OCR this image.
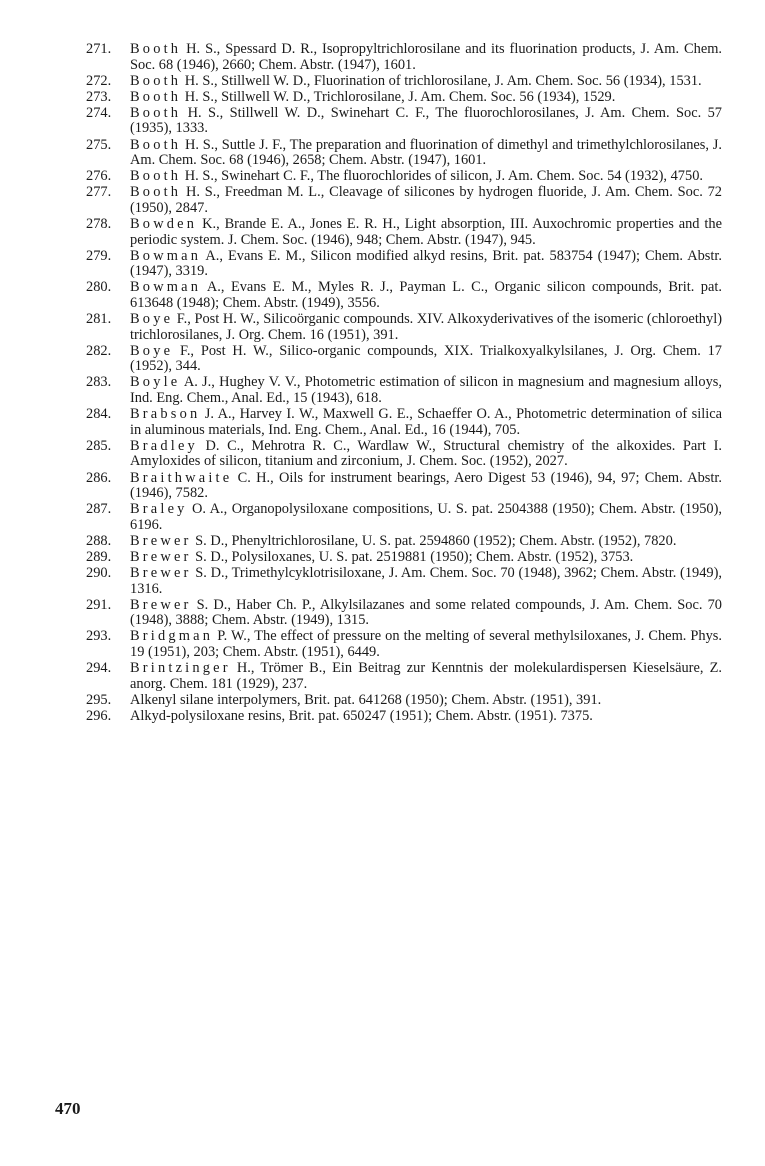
271.	Booth H. S., Spessard D. R., Isopropyltrichlorosilane and its fluorination products, J. Am. Chem. Soc. 68 (1946), 2660; Chem. Abstr. (1947), 1601.
272.	Booth H. S., Stillwell W. D., Fluorination of trichlorosilane, J. Am. Chem. Soc. 56 (1934), 1531.
273.	Booth H. S., Stillwell W. D., Trichlorosilane, J. Am. Chem. Soc. 56 (1934), 1529.
274.	Booth H. S., Stillwell W. D., Swinehart C. F., The fluorochlorosilanes, J. Am. Chem. Soc. 57 (1935), 1333.
275.	Booth H. S., Suttle J. F., The preparation and fluorination of dimethyl and trimethylchlorosilanes, J. Am. Chem. Soc. 68 (1946), 2658; Chem. Abstr. (1947), 1601.
276.	Booth H. S., Swinehart C. F., The fluorochlorides of silicon, J. Am. Chem. Soc. 54 (1932), 4750.
277.	Booth H. S., Freedman M. L., Cleavage of silicones by hydrogen fluoride, J. Am. Chem. Soc. 72 (1950), 2847.
278.	Bowden K., Brande E. A., Jones E. R. H., Light absorption, III. Auxochromic properties and the periodic system. J. Chem. Soc. (1946), 948; Chem. Abstr. (1947), 945.
279.	Bowman A., Evans E. M., Silicon modified alkyd resins, Brit. pat. 583754 (1947); Chem. Abstr. (1947), 3319.
280.	Bowman A., Evans E. M., Myles R. J., Payman L. C., Organic silicon compounds, Brit. pat. 613648 (1948); Chem. Abstr. (1949), 3556.
281.	Boye F., Post H. W., Silicoörganic compounds. XIV. Alkoxyderivatives of the isomeric (chloroethyl) trichlorosilanes, J. Org. Chem. 16 (1951), 391.
282.	Boye F., Post H. W., Silico-organic compounds, XIX. Trialkoxyalkylsilanes, J. Org. Chem. 17 (1952), 344.
283.	Boyle A. J., Hughey V. V., Photometric estimation of silicon in magnesium and magnesium alloys, Ind. Eng. Chem., Anal. Ed., 15 (1943), 618.
284.	Brabson J. A., Harvey I. W., Maxwell G. E., Schaeffer O. A., Photometric determination of silica in aluminous materials, Ind. Eng. Chem., Anal. Ed., 16 (1944), 705.
285.	Bradley D. C., Mehrotra R. C., Wardlaw W., Structural chemistry of the alkoxides. Part I. Amyloxides of silicon, titanium and zirconium, J. Chem. Soc. (1952), 2027.
286.	Braithwaite C. H., Oils for instrument bearings, Aero Digest 53 (1946), 94, 97; Chem. Abstr. (1946), 7582.
287.	Braley O. A., Organopolysiloxane compositions, U. S. pat. 2504388 (1950); Chem. Abstr. (1950), 6196.
288.	Brewer S. D., Phenyltrichlorosilane, U. S. pat. 2594860 (1952); Chem. Abstr. (1952), 7820.
289.	Brewer S. D., Polysiloxanes, U. S. pat. 2519881 (1950); Chem. Abstr. (1952), 3753.
290.	Brewer S. D., Trimethylcyklotrisiloxane, J. Am. Chem. Soc. 70 (1948), 3962; Chem. Abstr. (1949), 1316.
291.	Brewer S. D., Haber Ch. P., Alkylsilazanes and some related compounds, J. Am. Chem. Soc. 70 (1948), 3888; Chem. Abstr. (1949), 1315.
293.	Bridgman P. W., The effect of pressure on the melting of several methylsiloxanes, J. Chem. Phys. 19 (1951), 203; Chem. Abstr. (1951), 6449.
294.	Brintzinger H., Trömer B., Ein Beitrag zur Kenntnis der molekulardispersen Kieselsäure, Z. anorg. Chem. 181 (1929), 237.
295.	Alkenyl silane interpolymers, Brit. pat. 641268 (1950); Chem. Abstr. (1951), 391.
296.	Alkyd-polysiloxane resins, Brit. pat. 650247 (1951); Chem. Abstr. (1951). 7375.
470
